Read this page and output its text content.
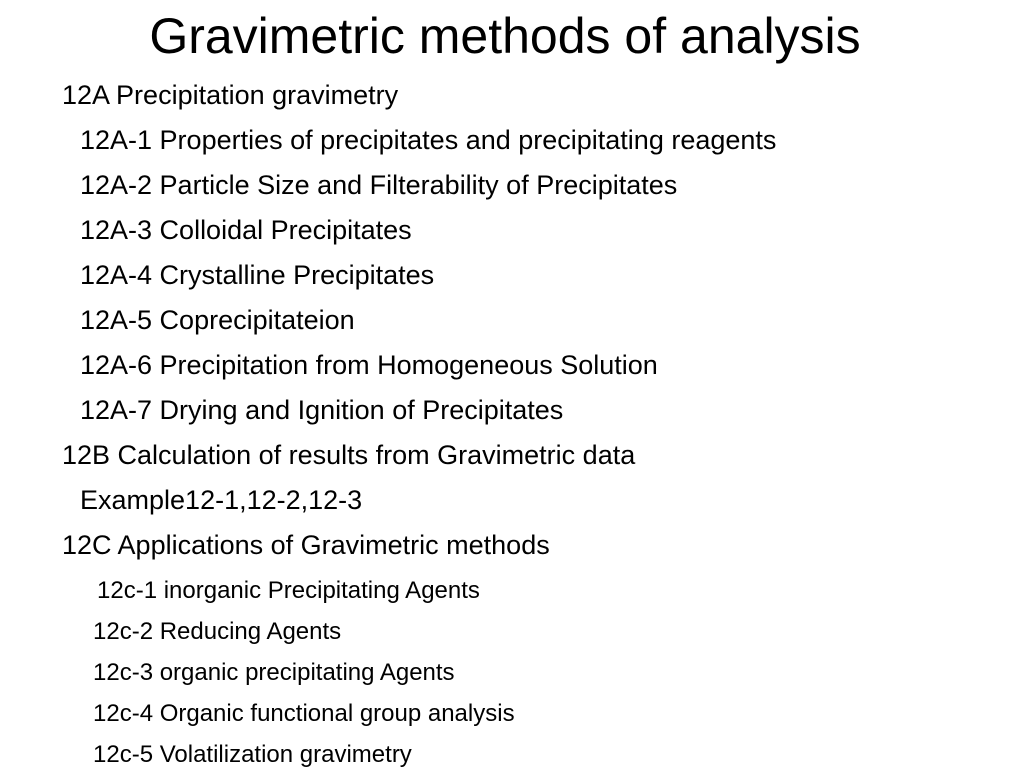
Gravimetric methods of analysis
12A Precipitation gravimetry
12A-1 Properties of precipitates and precipitating reagents
12A-2 Particle Size and Filterability of Precipitates
12A-3 Colloidal Precipitates
12A-4 Crystalline Precipitates
12A-5 Coprecipitateion
12A-6 Precipitation from Homogeneous Solution
12A-7 Drying and Ignition of Precipitates
12B Calculation of results from Gravimetric data
Example12-1,12-2,12-3
12C Applications of Gravimetric methods
12c-1 inorganic Precipitating Agents
12c-2 Reducing Agents
12c-3 organic precipitating Agents
12c-4 Organic functional group analysis
12c-5 Volatilization gravimetry
